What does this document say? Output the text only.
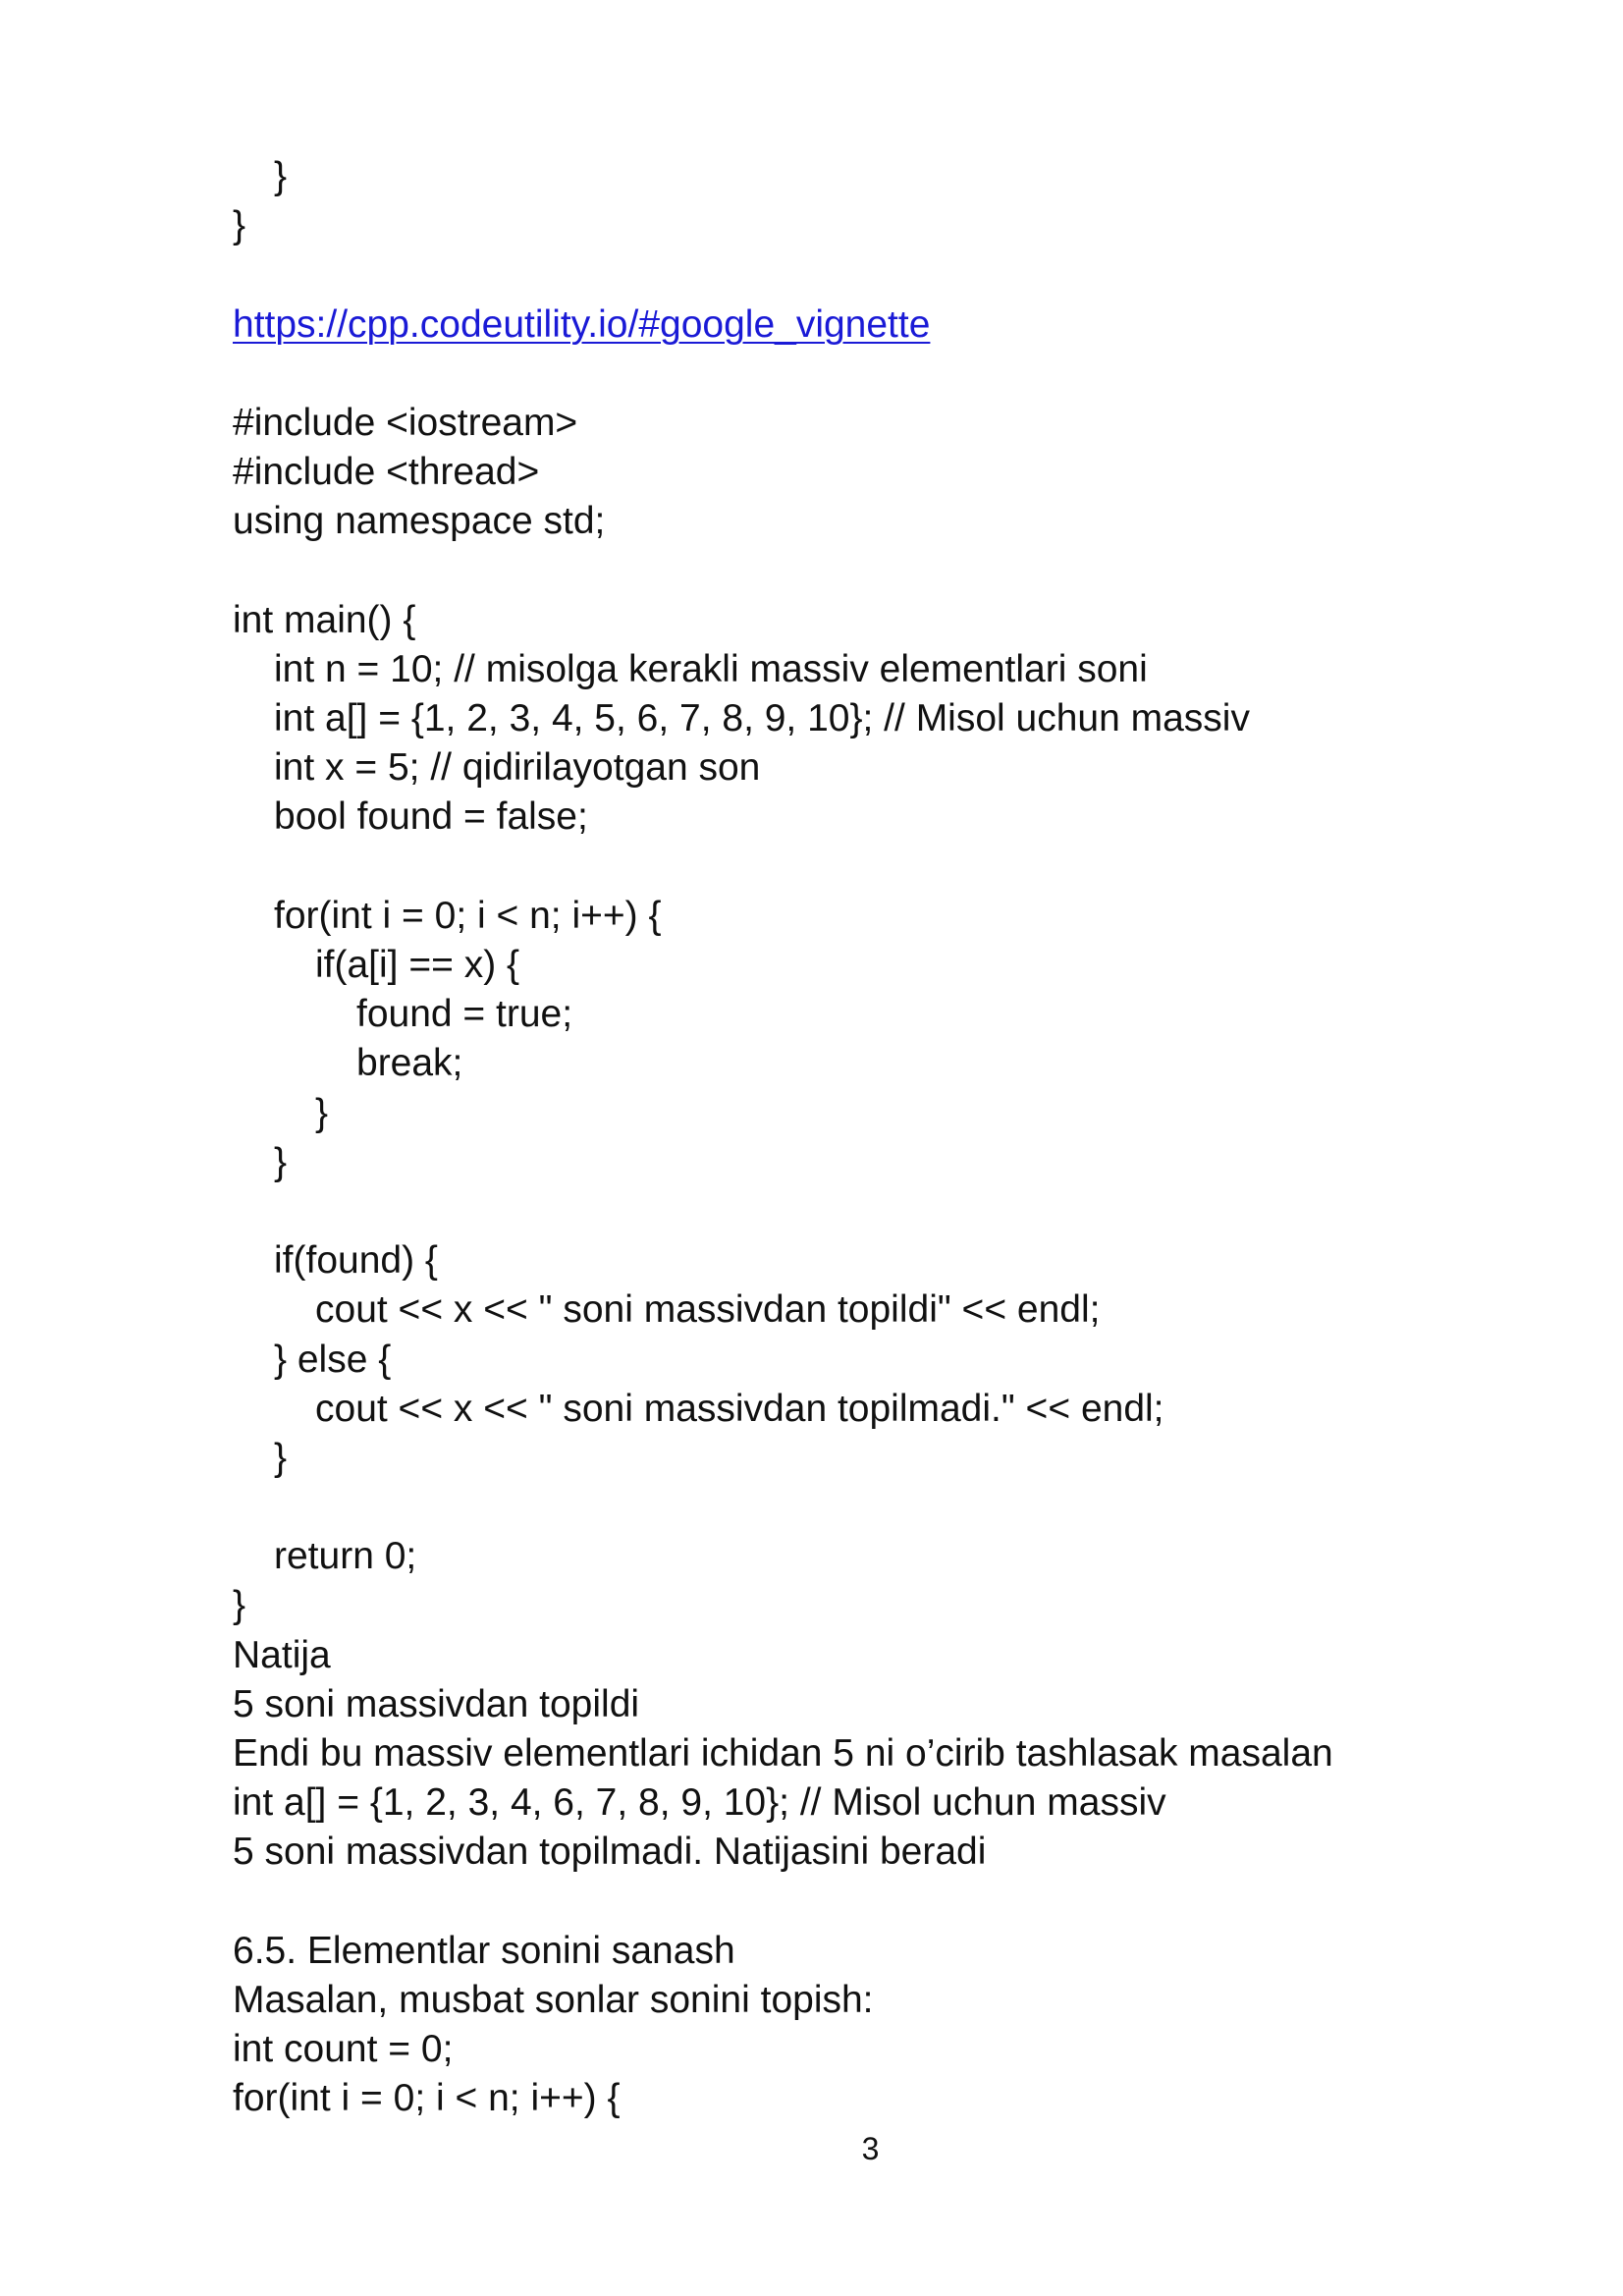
}
}
https://cpp.codeutility.io/#google_vignette
#include <iostream>
#include <thread>
using namespace std;
int main() {
int n = 10; // misolga kerakli massiv elementlari soni
int a[] = {1, 2, 3, 4, 5, 6, 7, 8, 9, 10}; // Misol uchun massiv
int x = 5; // qidirilayotgan son
bool found = false;
for(int i = 0; i < n; i++) {
if(a[i] == x) {
found = true;
break;
}
}
if(found) {
cout << x << " soni massivdan topildi" << endl;
} else {
cout << x << " soni massivdan topilmadi." << endl;
}
return 0;
}
Natija
5 soni massivdan topildi
Endi bu massiv elementlari ichidan 5 ni o’cirib tashlasak masalan
int a[] = {1, 2, 3, 4, 6, 7, 8, 9, 10}; // Misol uchun massiv
5 soni massivdan topilmadi. Natijasini beradi
6.5. Elementlar sonini sanash
Masalan, musbat sonlar sonini topish:
int count = 0;
for(int i = 0; i < n; i++) {
3
